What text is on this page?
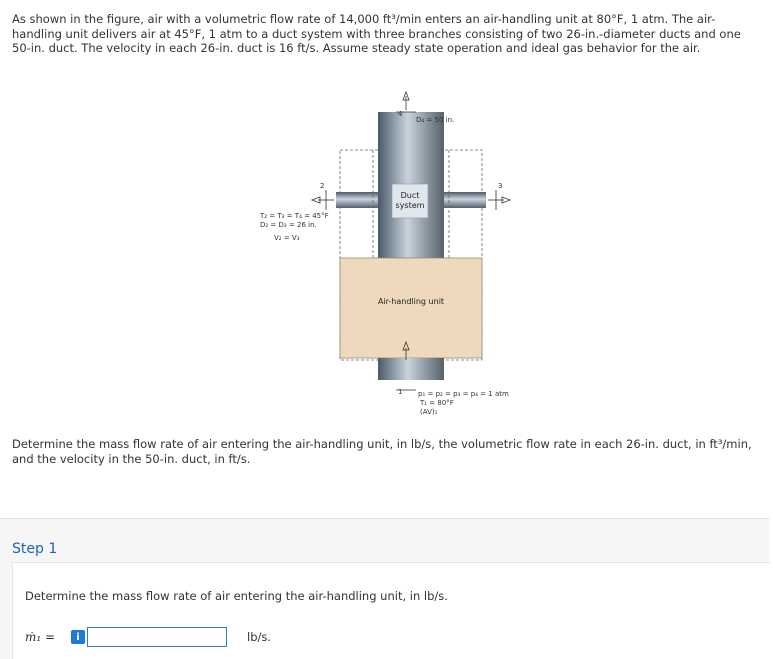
As shown in the figure, air with a volumetric flow rate of 14,000 ft³/min enters an air-handling unit at 80°F, 1 atm. The air-handling unit delivers air at 45°F, 1 atm to a duct system with three branches consisting of two 26-in.-diameter ducts and one 50-in. duct. The velocity in each 26-in. duct is 16 ft/s. Assume steady state operation and ideal gas behavior for the air.
Duct
system
Air-handling unit
4
D₄ = 50 in.
2	3
1
T₂ = T₃ = T₄ = 45°F
D₂ = D₃ = 26 in.
V₂ = V₃
p₁ = p₂ = p₃ = p₄ = 1 atm
T₁ = 80°F
(AV)₁
Determine the mass flow rate of air entering the air-handling unit, in lb/s, the volumetric flow rate in each 26-in. duct, in ft³/min, and the velocity in the 50-in. duct, in ft/s.
Step 1
Determine the mass flow rate of air entering the air-handling unit, in lb/s.
ṁ₁ =	i	lb/s.
